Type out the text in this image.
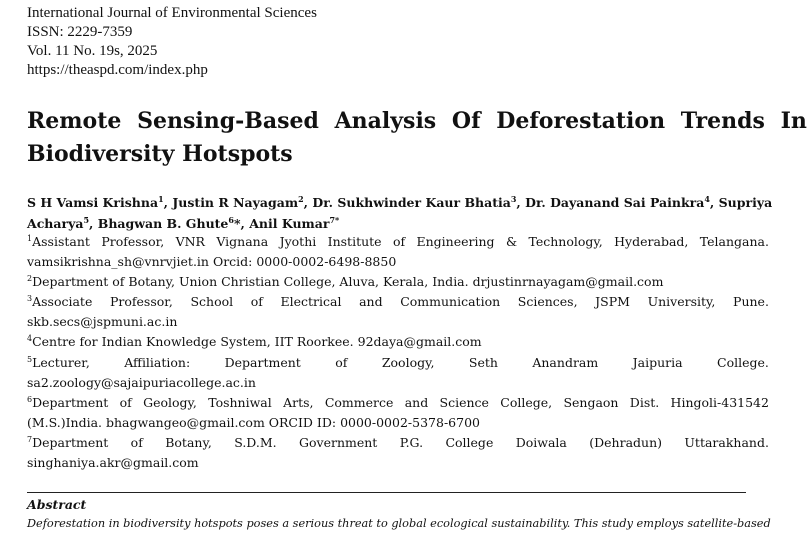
International Journal of Environmental Sciences
ISSN: 2229-7359
Vol. 11 No. 19s, 2025
https://theaspd.com/index.php
Remote Sensing-Based Analysis Of Deforestation Trends In
Biodiversity Hotspots
S H Vamsi Krishna$^1$, Justin R Nayagam$^2$, Dr. Sukhwinder Kaur Bhatia$^3$, Dr. Dayanand Sai Painkra$^4$, Supriya
Acharya$^5$, Bhagwan B. Ghute$^6$*, Anil Kumar$^{7*}$
$^1$Assistant Professor, VNR Vignana Jyothi Institute of Engineering & Technology, Hyderabad, Telangana.
vamsikrishna_sh@vnrvjiet.in Orcid: 0000-0002-6498-8850
$^2$Department of Botany, Union Christian College, Aluva, Kerala, India. drjustinrnayagam@gmail.com
$^3$Associate Professor, School of Electrical and Communication Sciences, JSPM University, Pune.
skb.secs@jspmuni.ac.in
$^4$Centre for Indian Knowledge System, IIT Roorkee. 92daya@gmail.com
$^5$Lecturer,	Affiliation:	Department	of	Zoology,	Seth	Anandram	Jaipuria	College.
sa2.zoology@sajaipuriacollege.ac.in
$^6$Department of Geology, Toshniwal Arts, Commerce and Science College, Sengaon Dist. Hingoli-431542
(M.S.)India. bhagwangeo@gmail.com ORCID ID: 0000-0002-5378-6700
$^7$Department of Botany, S.D.M. Government P.G. College Doiwala (Dehradun) Uttarakhand.
singhaniya.akr@gmail.com
Abstract
Deforestation in biodiversity hotspots poses a serious threat to global ecological sustainability. This study employs satellite-based
